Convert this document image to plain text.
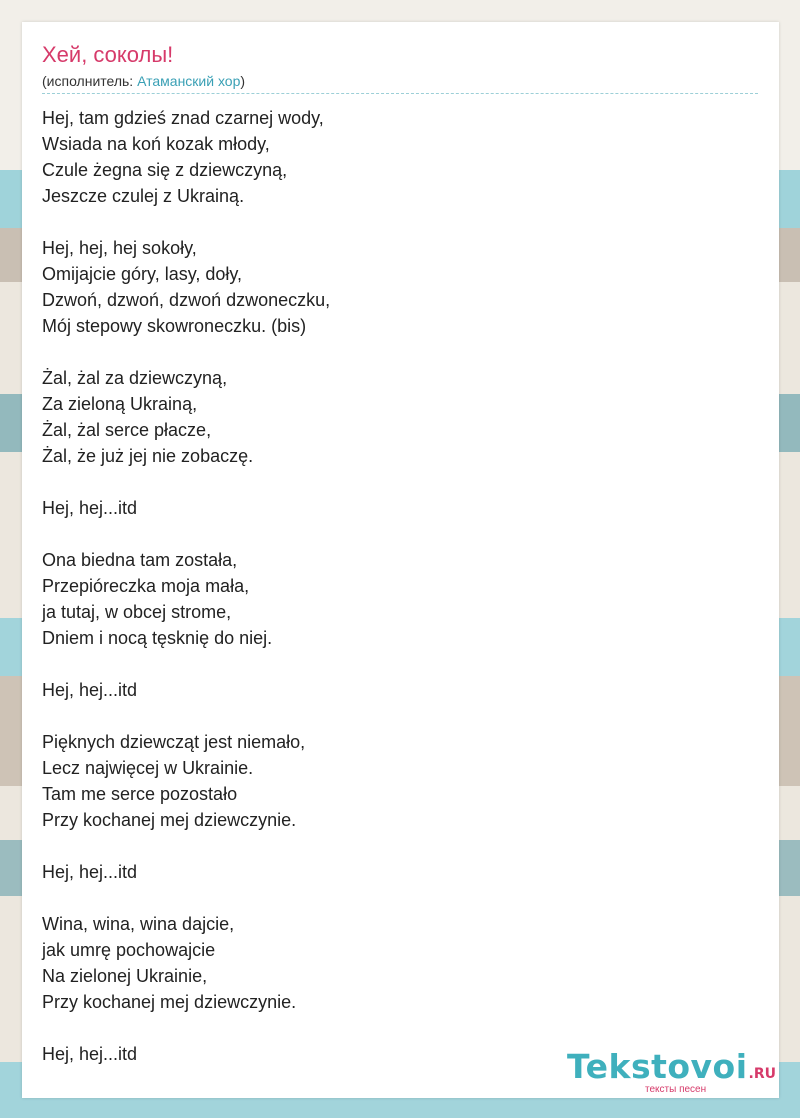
Хей, соколы!
(исполнитель: Атаманский хор)
Hej, tam gdzieś znad czarnej wody,
Wsiada na koń kozak młody,
Czule żegna się z dziewczyną,
Jeszcze czulej z Ukrainą.
Hej, hej, hej sokoły,
Omijajcie góry, lasy, doły,
Dzwoń, dzwoń, dzwoń dzwoneczku,
Mój stepowy skowroneczku. (bis)
Żal, żal za dziewczyną,
Za zieloną Ukrainą,
Żal, żal serce płacze,
Żal, że już jej nie zobaczę.
Hej, hej...itd
Ona biedna tam została,
Przepióreczka moja mała,
ja tutaj, w obcej strome,
Dniem i nocą tęsknię do niej.
Hej, hej...itd
Pięknych dziewcząt jest niemało,
Lecz najwięcej w Ukrainie.
Tam me serce pozostało
Przy kochanej mej dziewczynie.
Hej, hej...itd
Wina, wina, wina dajcie,
jak umrę pochowajcie
Na zielonej Ukrainie,
Przy kochanej mej dziewczynie.
Hej, hej...itd	Tekstovoi.RU
тексты песен
